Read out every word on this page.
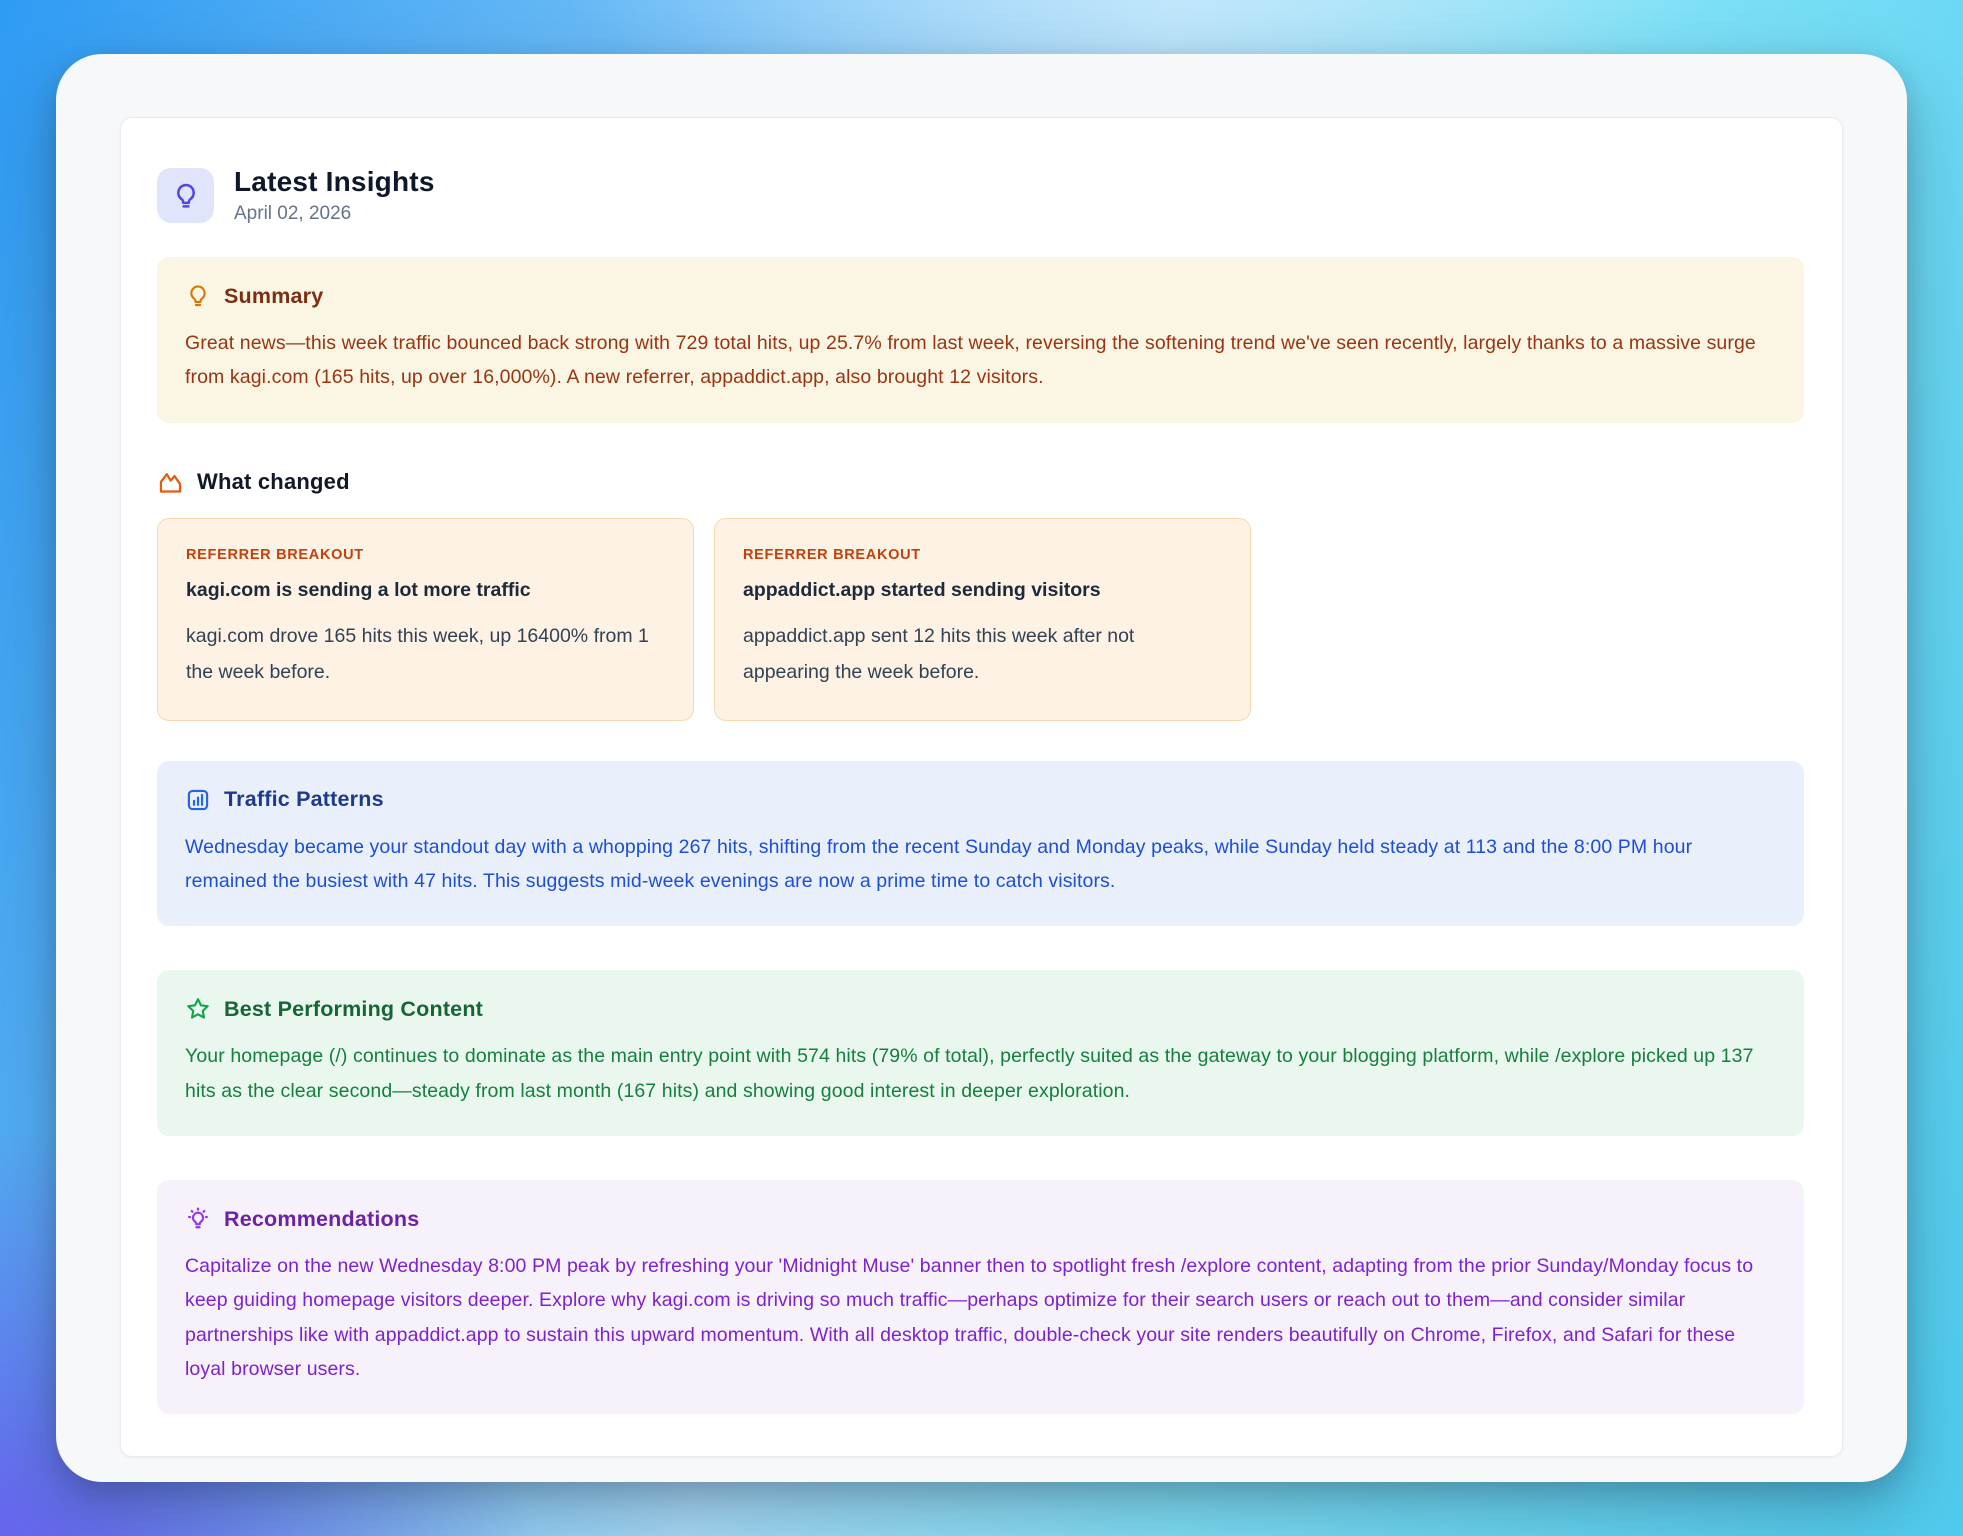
Latest Insights
April 02, 2026
Summary

Great news—this week traffic bounced back strong with 729 total hits, up 25.7% from last week, reversing the softening trend we've seen recently, largely thanks to a massive surge from kagi.com (165 hits, up over 16,000%). A new referrer, appaddict.app, also brought 12 visitors.

What changed
REFERRER BREAKOUT
kagi.com is sending a lot more traffic
kagi.com drove 165 hits this week, up 16400% from 1 the week before.
REFERRER BREAKOUT
appaddict.app started sending visitors
appaddict.app sent 12 hits this week after not appearing the week before.
Traffic Patterns

Wednesday became your standout day with a whopping 267 hits, shifting from the recent Sunday and Monday peaks, while Sunday held steady at 113 and the 8:00 PM hour remained the busiest with 47 hits. This suggests mid-week evenings are now a prime time to catch visitors.

Best Performing Content

Your homepage (/) continues to dominate as the main entry point with 574 hits (79% of total), perfectly suited as the gateway to your blogging platform, while /explore picked up 137 hits as the clear second—steady from last month (167 hits) and showing good interest in deeper exploration.

Recommendations

Capitalize on the new Wednesday 8:00 PM peak by refreshing your 'Midnight Muse' banner then to spotlight fresh /explore content, adapting from the prior Sunday/Monday focus to keep guiding homepage visitors deeper. Explore why kagi.com is driving so much traffic—perhaps optimize for their search users or reach out to them—and consider similar partnerships like with appaddict.app to sustain this upward momentum. With all desktop traffic, double-check your site renders beautifully on Chrome, Firefox, and Safari for these loyal browser users.
